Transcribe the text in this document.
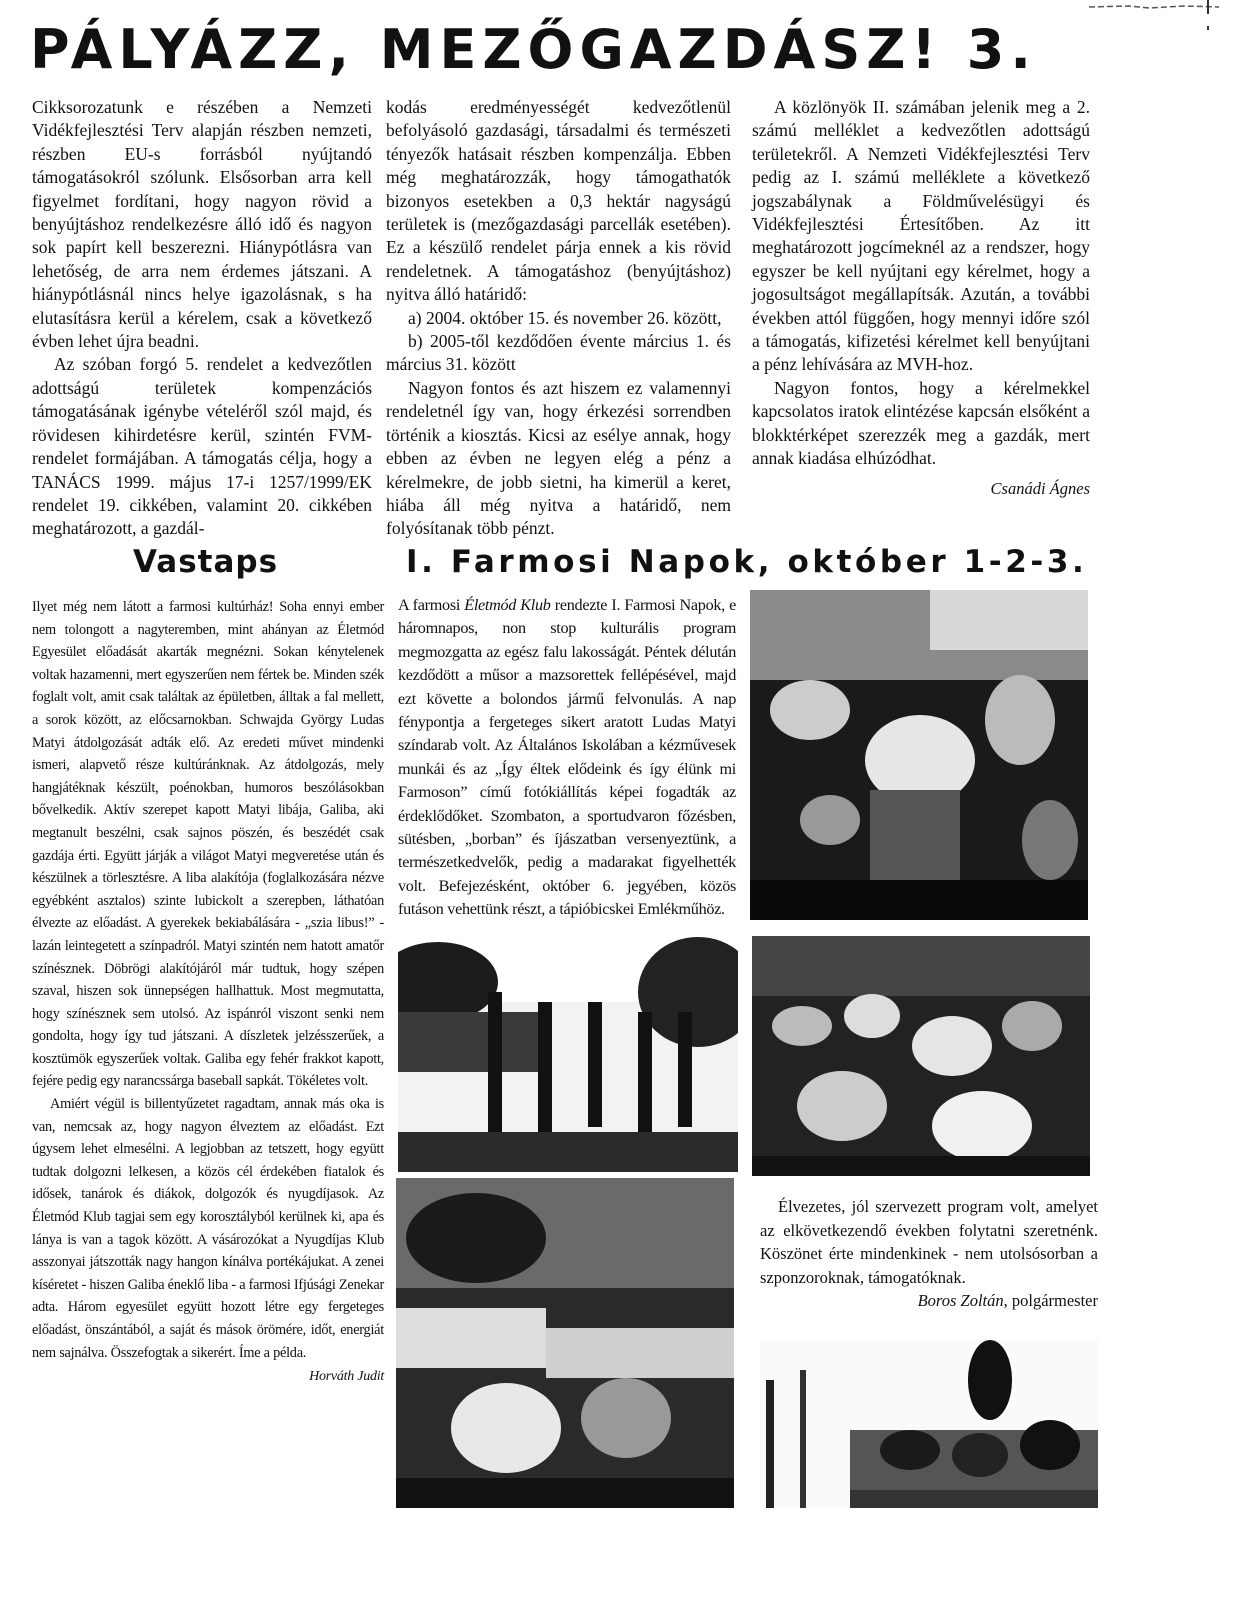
PÁLYÁZZ, MEZŐGAZDÁSZ! 3.

Cikksorozatunk e részében a Nemzeti Vidékfejlesztési Terv alapján részben nemzeti, részben EU-s forrásból nyújtandó támogatásokról szólunk. Elsősorban arra kell figyelmet fordítani, hogy nagyon rövid a benyújtáshoz rendelkezésre álló idő és nagyon sok papírt kell beszerezni. Hiánypótlásra van lehetőség, de arra nem érdemes játszani. A hiánypótlásnál nincs helye igazolásnak, s ha elutasításra kerül a kérelem, csak a következő évben lehet újra beadni.

Az szóban forgó 5. rendelet a kedvezőtlen adottságú területek kompenzációs támogatásának igénybe vételéről szól majd, és rövidesen kihirdetésre kerül, szintén FVM-rendelet formájában. A támogatás célja, hogy a TANÁCS 1999. május 17-i 1257/1999/EK rendelet 19. cikkében, valamint 20. cikkében meghatározott, a gazdál-

kodás eredményességét kedvezőtlenül befolyásoló gazdasági, társadalmi és természeti tényezők hatásait részben kompenzálja. Ebben még meghatározzák, hogy támogathatók bizonyos esetekben a 0,3 hektár nagyságú területek is (mezőgazdasági parcellák esetében). Ez a készülő rendelet párja ennek a kis rövid rendeletnek. A támogatáshoz (benyújtáshoz) nyitva álló határidő:

a) 2004. október 15. és november 26. között,

b) 2005-től kezdődően évente március 1. és március 31. között

Nagyon fontos és azt hiszem ez valamennyi rendeletnél így van, hogy érkezési sorrendben történik a kiosztás. Kicsi az esélye annak, hogy ebben az évben ne legyen elég a pénz a kérelmekre, de jobb sietni, ha kimerül a keret, hiába áll még nyitva a határidő, nem folyósítanak több pénzt.

A közlönyök II. számában jelenik meg a 2. számú melléklet a kedvezőtlen adottságú területekről. A Nemzeti Vidékfejlesztési Terv pedig az I. számú melléklete a következő jogszabálynak a Földművelésügyi és Vidékfejlesztési Értesítőben. Az itt meghatározott jogcímeknél az a rendszer, hogy egyszer be kell nyújtani egy kérelmet, hogy a jogosultságot megállapítsák. Azután, a további években attól függően, hogy mennyi időre szól a támogatás, kifizetési kérelmet kell benyújtani a pénz lehívására az MVH-hoz.

Nagyon fontos, hogy a kérelmekkel kapcsolatos iratok elintézése kapcsán elsőként a blokktérképet szerezzék meg a gazdák, mert annak kiadása elhúzódhat.

Csanádi Ágnes
Vastaps	I. Farmosi Napok, október 1-2-3.

Ilyet még nem látott a farmosi kultúrház! Soha ennyi ember nem tolongott a nagyteremben, mint ahányan az Életmód Egyesület előadását akarták megnézni. Sokan kénytelenek voltak hazamenni, mert egyszerűen nem fértek be. Minden szék foglalt volt, amit csak találtak az épületben, álltak a fal mellett, a sorok között, az előcsarnokban. Schwajda György Ludas Matyi átdolgozását adták elő. Az eredeti művet mindenki ismeri, alapvető része kultúránknak. Az átdolgozás, mely hangjátéknak készült, poénokban, humoros beszólásokban bővelkedik. Aktív szerepet kapott Matyi libája, Galiba, aki megtanult beszélni, csak sajnos pöszén, és beszédét csak gazdája érti. Együtt járják a világot Matyi megveretése után és készülnek a törlesztésre. A liba alakítója (foglalkozására nézve egyébként asztalos) szinte lubickolt a szerepben, láthatóan élvezte az előadást. A gyerekek bekiabálására - „szia libus!” - lazán leintegetett a színpadról. Matyi szintén nem hatott amatőr színésznek. Döbrögi alakítójáról már tudtuk, hogy szépen szaval, hiszen sok ünnepségen hallhattuk. Most megmutatta, hogy színésznek sem utolsó. Az ispánról viszont senki nem gondolta, hogy így tud játszani. A díszletek jelzésszerűek, a kosztümök egyszerűek voltak. Galiba egy fehér frakkot kapott, fejére pedig egy narancssárga baseball sapkát. Tökéletes volt.

Amiért végül is billentyűzetet ragadtam, annak más oka is van, nemcsak az, hogy nagyon élveztem az előadást. Ezt úgysem lehet elmesélni. A legjobban az tetszett, hogy együtt tudtak dolgozni lelkesen, a közös cél érdekében fiatalok és idősek, tanárok és diákok, dolgozók és nyugdíjasok. Az Életmód Klub tagjai sem egy korosztályból kerülnek ki, apa és lánya is van a tagok között. A vásározókat a Nyugdíjas Klub asszonyai játszották nagy hangon kínálva portékájukat. A zenei kíséretet - hiszen Galiba éneklő liba - a farmosi Ifjúsági Zenekar adta. Három egyesület együtt hozott létre egy fergeteges előadást, önszántából, a saját és mások örömére, időt, energiát nem sajnálva. Összefogtak a sikerért. Íme a példa.

Horváth Judit

A farmosi Életmód Klub rendezte I. Farmosi Napok, e háromnapos, non stop kulturális program megmozgatta az egész falu lakosságát. Péntek délután kezdődött a műsor a mazsorettek fellépésével, majd ezt követte a bolondos jármű felvonulás. A nap fénypontja a fergeteges sikert aratott Ludas Matyi színdarab volt. Az Általános Iskolában a kézművesek munkái és az „Így éltek elődeink és így élünk mi Farmoson” című fotókiállítás képei fogadták az érdeklődőket. Szombaton, a sportudvaron főzésben, sütésben, „borban” és íjászatban versenyeztünk, a természetkedvelők, pedig a madarakat figyelhették volt. Befejezésként, október 6. jegyében, közös futáson vehettünk részt, a tápióbicskei Emlékműhöz.

Élvezetes, jól szervezett program volt, amelyet az elkövetkezendő években folytatni szeretnénk. Köszönet érte mindenkinek - nem utolsósorban a szponzoroknak, támogatóknak.

Boros Zoltán, polgármester
